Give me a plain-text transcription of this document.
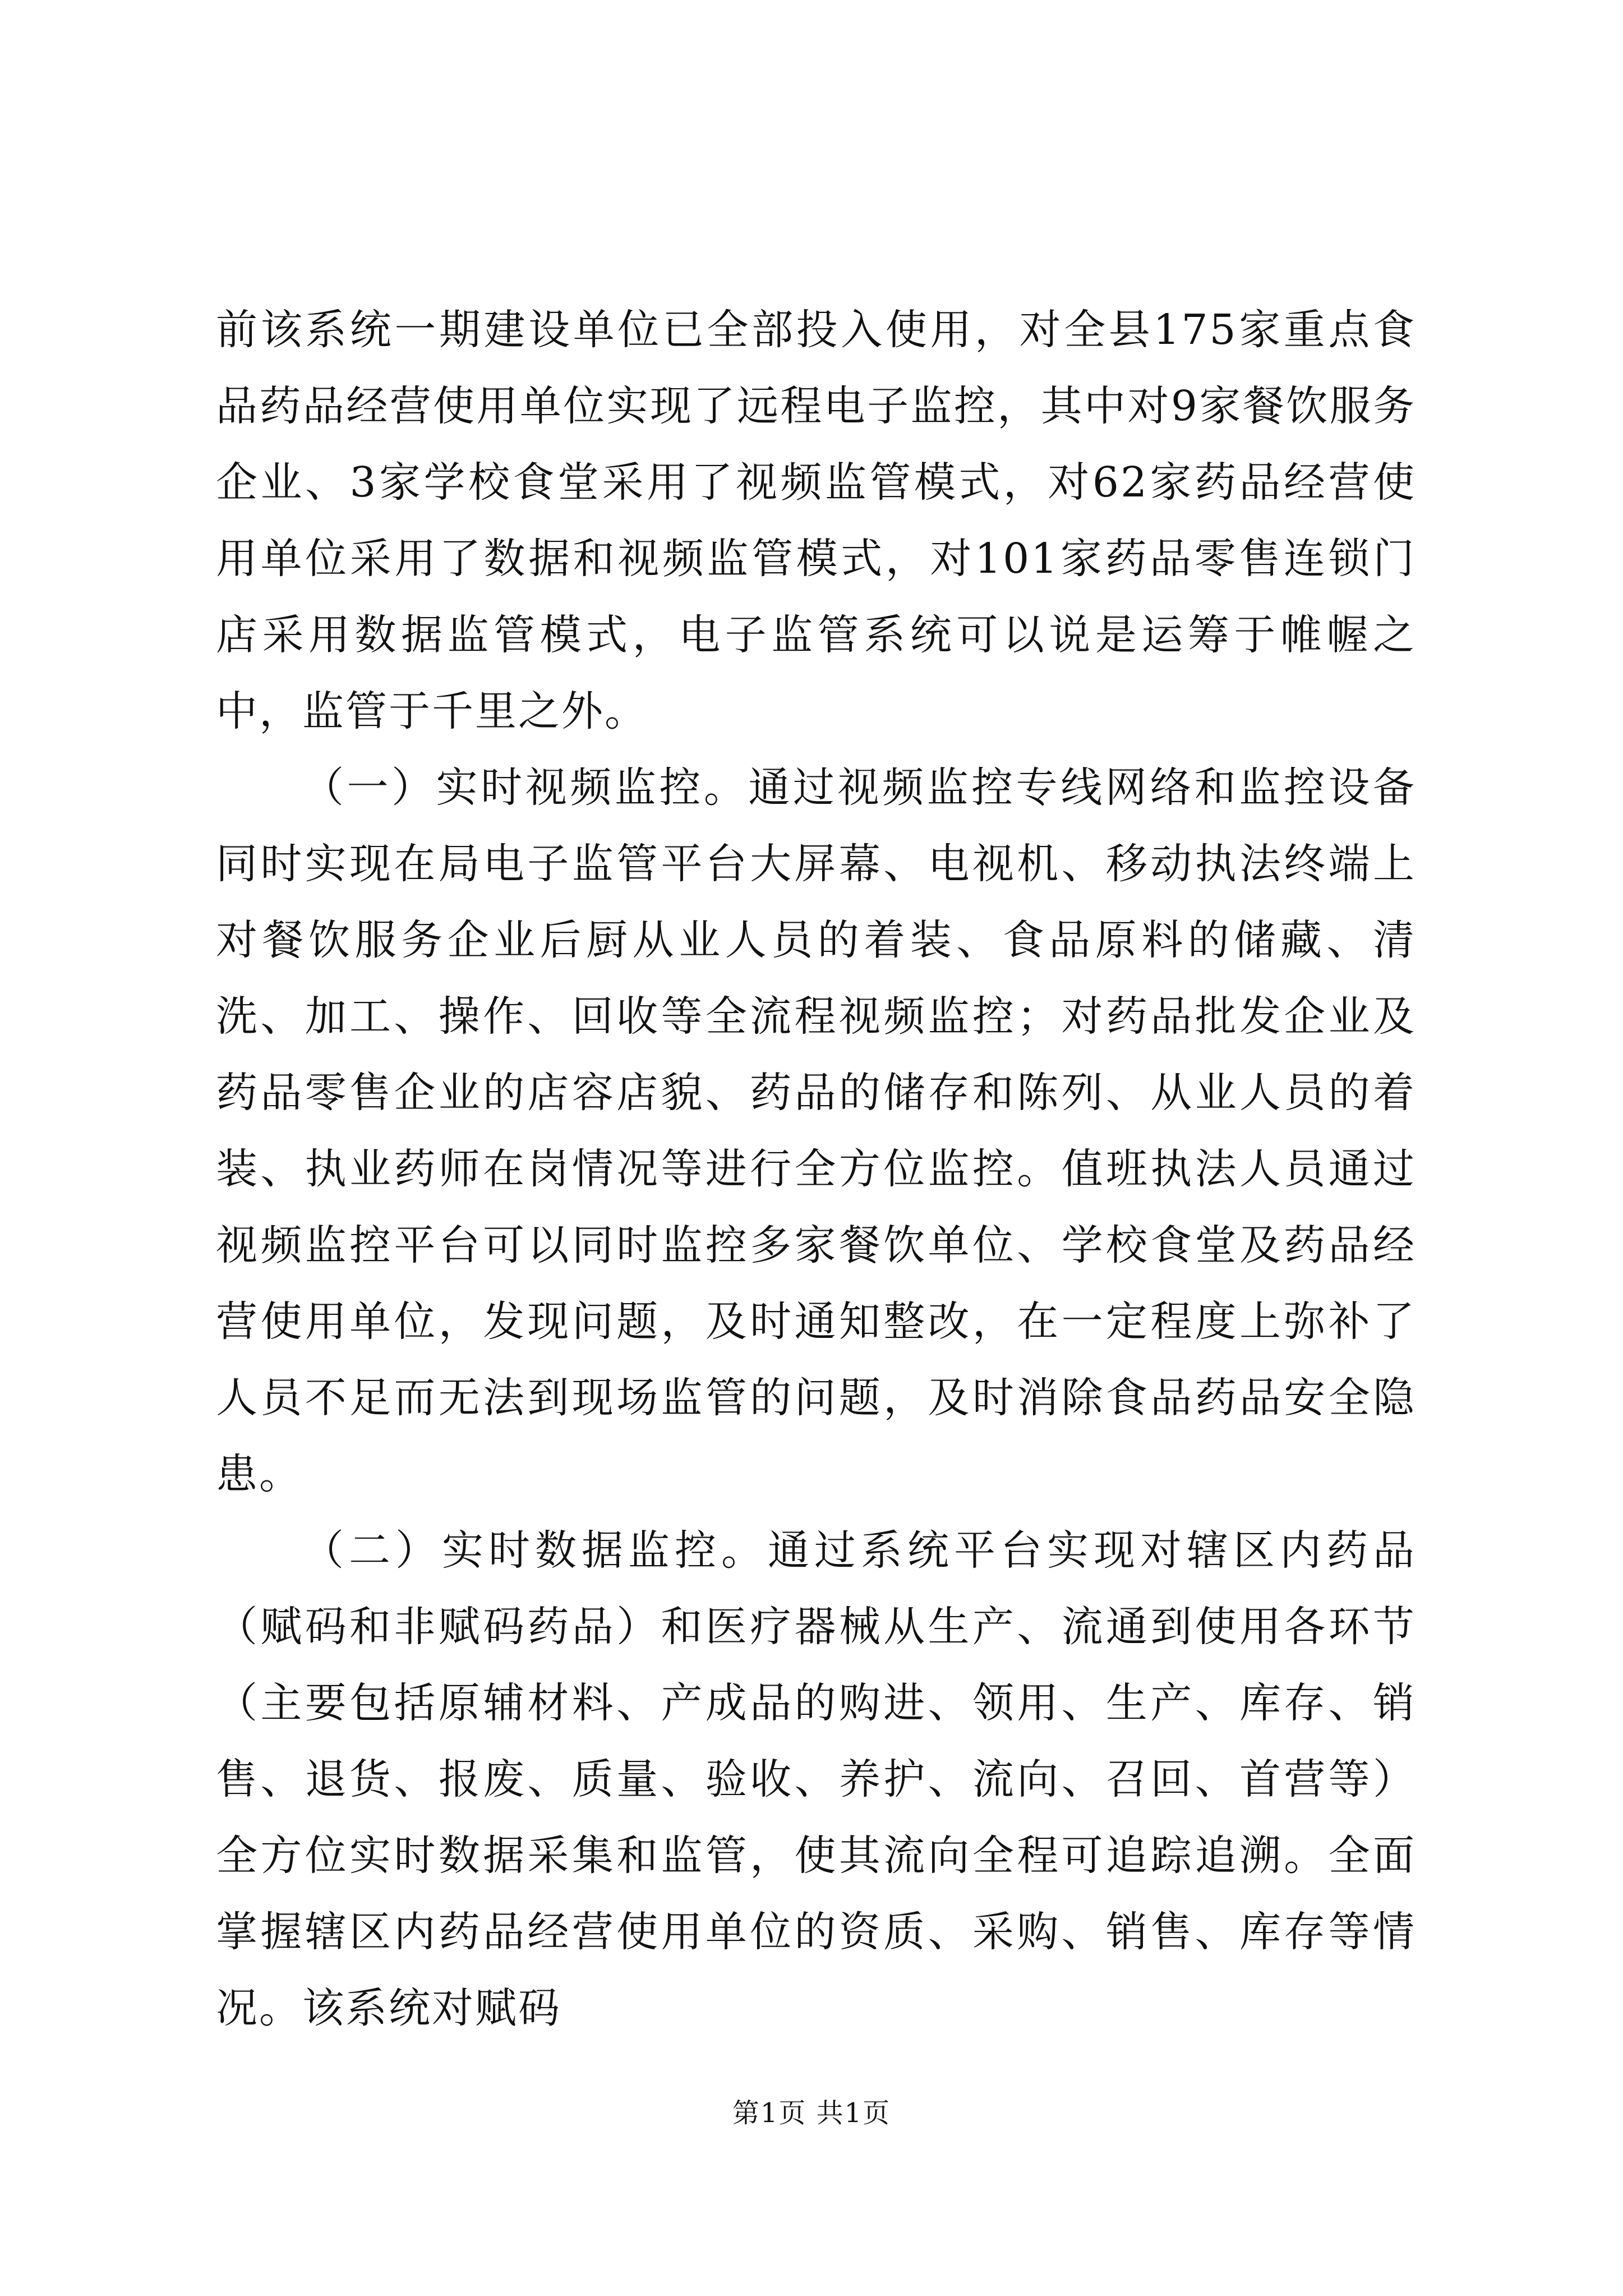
前该系统一期建设单位已全部投入使用，对全县175家重点食品药品经营使用单位实现了远程电子监控，其中对9家餐饮服务企业、3家学校食堂采用了视频监管模式，对62家药品经营使用单位采用了数据和视频监管模式，对101家药品零售连锁门店采用数据监管模式，电子监管系统可以说是运筹于帷幄之中，监管于千里之外。

（一）实时视频监控。通过视频监控专线网络和监控设备同时实现在局电子监管平台大屏幕、电视机、移动执法终端上对餐饮服务企业后厨从业人员的着装、食品原料的储藏、清洗、加工、操作、回收等全流程视频监控；对药品批发企业及药品零售企业的店容店貌、药品的储存和陈列、从业人员的着装、执业药师在岗情况等进行全方位监控。值班执法人员通过视频监控平台可以同时监控多家餐饮单位、学校食堂及药品经营使用单位，发现问题，及时通知整改，在一定程度上弥补了人员不足而无法到现场监管的问题，及时消除食品药品安全隐患。

（二）实时数据监控。通过系统平台实现对辖区内药品（赋码和非赋码药品）和医疗器械从生产、流通到使用各环节（主要包括原辅材料、产成品的购进、领用、生产、库存、销售、退货、报废、质量、验收、养护、流向、召回、首营等）全方位实时数据采集和监管，使其流向全程可追踪追溯。全面掌握辖区内药品经营使用单位的资质、采购、销售、库存等情况。该系统对赋码

第1页 共1页
